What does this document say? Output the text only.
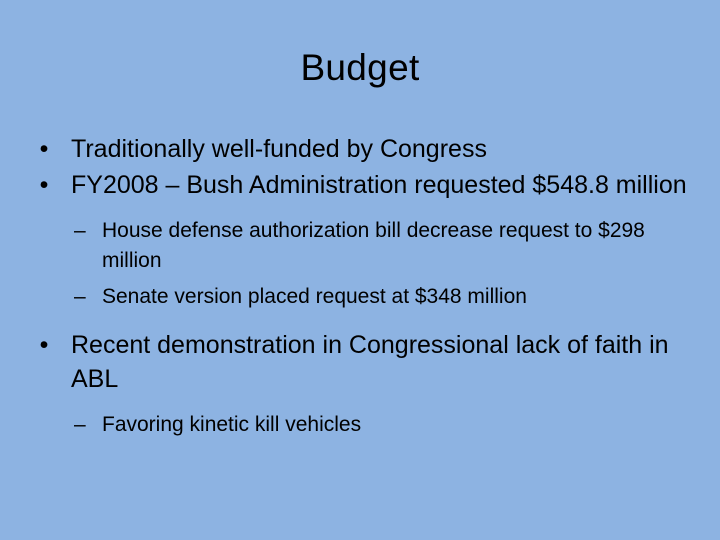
Budget
• Traditionally well-funded by Congress
• FY2008 – Bush Administration requested $548.8 million
– House defense authorization bill decrease request to $298 million
– Senate version placed request at $348 million
• Recent demonstration in Congressional lack of faith in ABL
– Favoring kinetic kill vehicles
